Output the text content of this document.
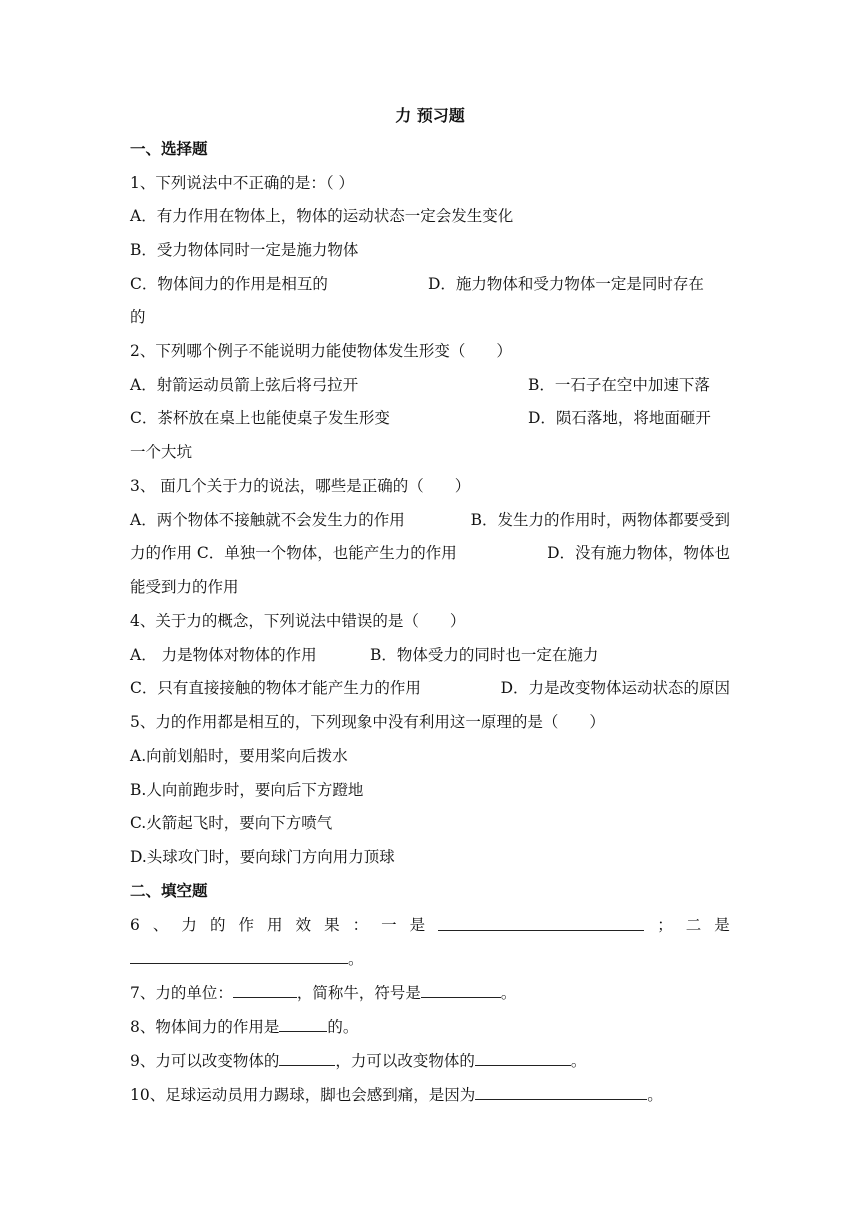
力 预习题
一、选择题
1、下列说法中不正确的是：（ ）
A．有力作用在物体上，物体的运动状态一定会发生变化
B．受力物体同时一定是施力物体
C．物体间力的作用是相互的	D．施力物体和受力物体一定是同时存在
的
2、下列哪个例子不能说明力能使物体发生形变（　　）
A．射箭运动员箭上弦后将弓拉开	B．一石子在空中加速下落
C．茶杯放在桌上也能使桌子发生形变	D．陨石落地，将地面砸开
一个大坑
3、 面几个关于力的说法，哪些是正确的（　　）
A．两个物体不接触就不会发生力的作用	B．发生力的作用时，两物体都要受到
力的作用 C．单独一个物体，也能产生力的作用	D．没有施力物体，物体也
能受到力的作用
4、关于力的概念，下列说法中错误的是（　　）
A． 力是物体对物体的作用	B．物体受力的同时也一定在施力
C．只有直接接触的物体才能产生力的作用	D．力是改变物体运动状态的原因
5、力的作用都是相互的，下列现象中没有利用这一原理的是（　　）
A.向前划船时，要用桨向后拨水
B.人向前跑步时，要向后下方蹬地
C.火箭起飞时，要向下方喷气
D.头球攻门时，要向球门方向用力顶球
二、填空题
6 、 力 的 作 用 效 果 ： 一 是	； 二 是
。
7、力的单位：	，简称牛，符号是	。
8、物体间力的作用是	的。
9、力可以改变物体的	，力可以改变物体的	。
10、足球运动员用力踢球，脚也会感到痛，是因为	。
